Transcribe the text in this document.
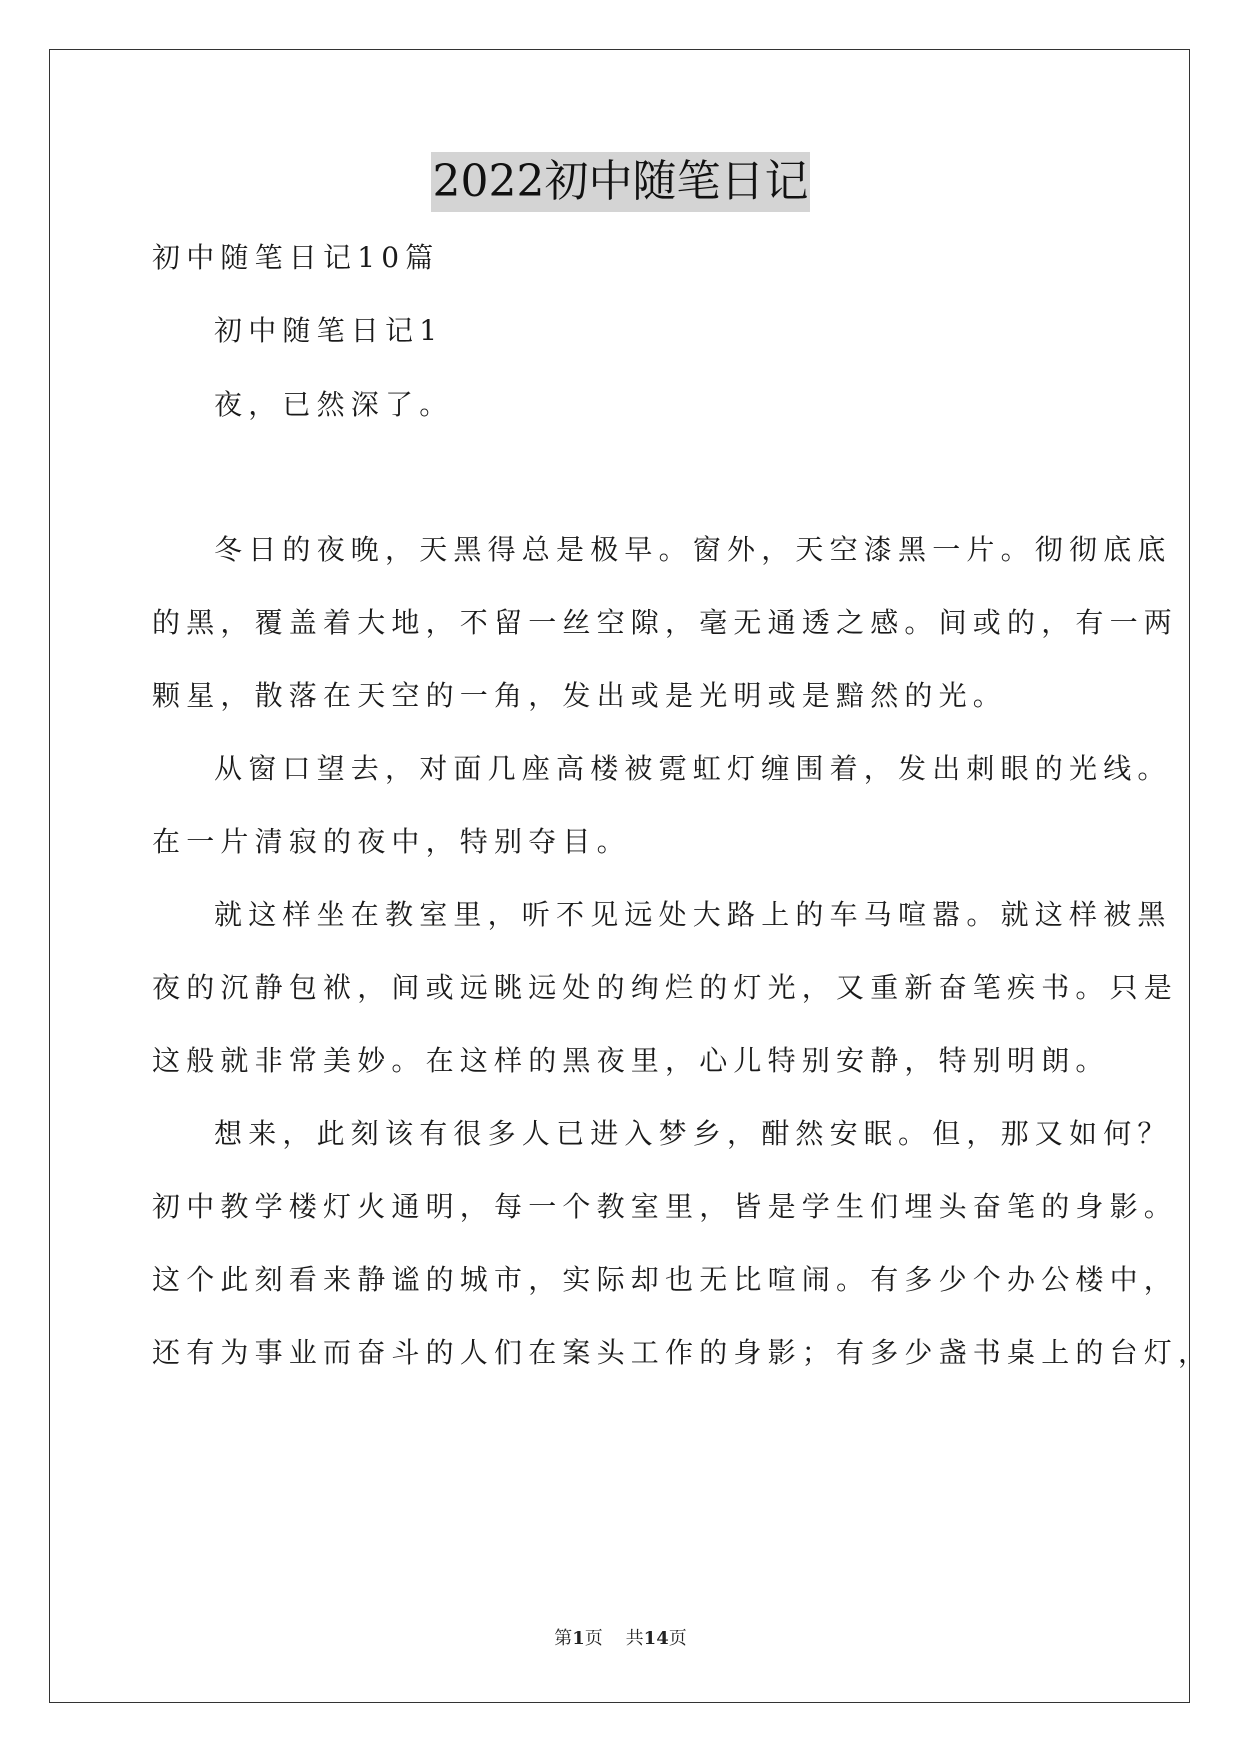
2022初中随笔日记
初中随笔日记10篇
初中随笔日记1
夜，已然深了。
冬日的夜晚，天黑得总是极早。窗外，天空漆黑一片。彻彻底底
的黑，覆盖着大地，不留一丝空隙，毫无通透之感。间或的，有一两
颗星，散落在天空的一角，发出或是光明或是黯然的光。
从窗口望去，对面几座高楼被霓虹灯缠围着，发出刺眼的光线。
在一片清寂的夜中，特别夺目。
就这样坐在教室里，听不见远处大路上的车马喧嚣。就这样被黑
夜的沉静包袱，间或远眺远处的绚烂的灯光，又重新奋笔疾书。只是
这般就非常美妙。在这样的黑夜里，心儿特别安静，特别明朗。
想来，此刻该有很多人已进入梦乡，酣然安眠。但，那又如何？
初中教学楼灯火通明，每一个教室里，皆是学生们埋头奋笔的身影。
这个此刻看来静谧的城市，实际却也无比喧闹。有多少个办公楼中，
还有为事业而奋斗的人们在案头工作的身影；有多少盏书桌上的台灯，
第1页 共14页
